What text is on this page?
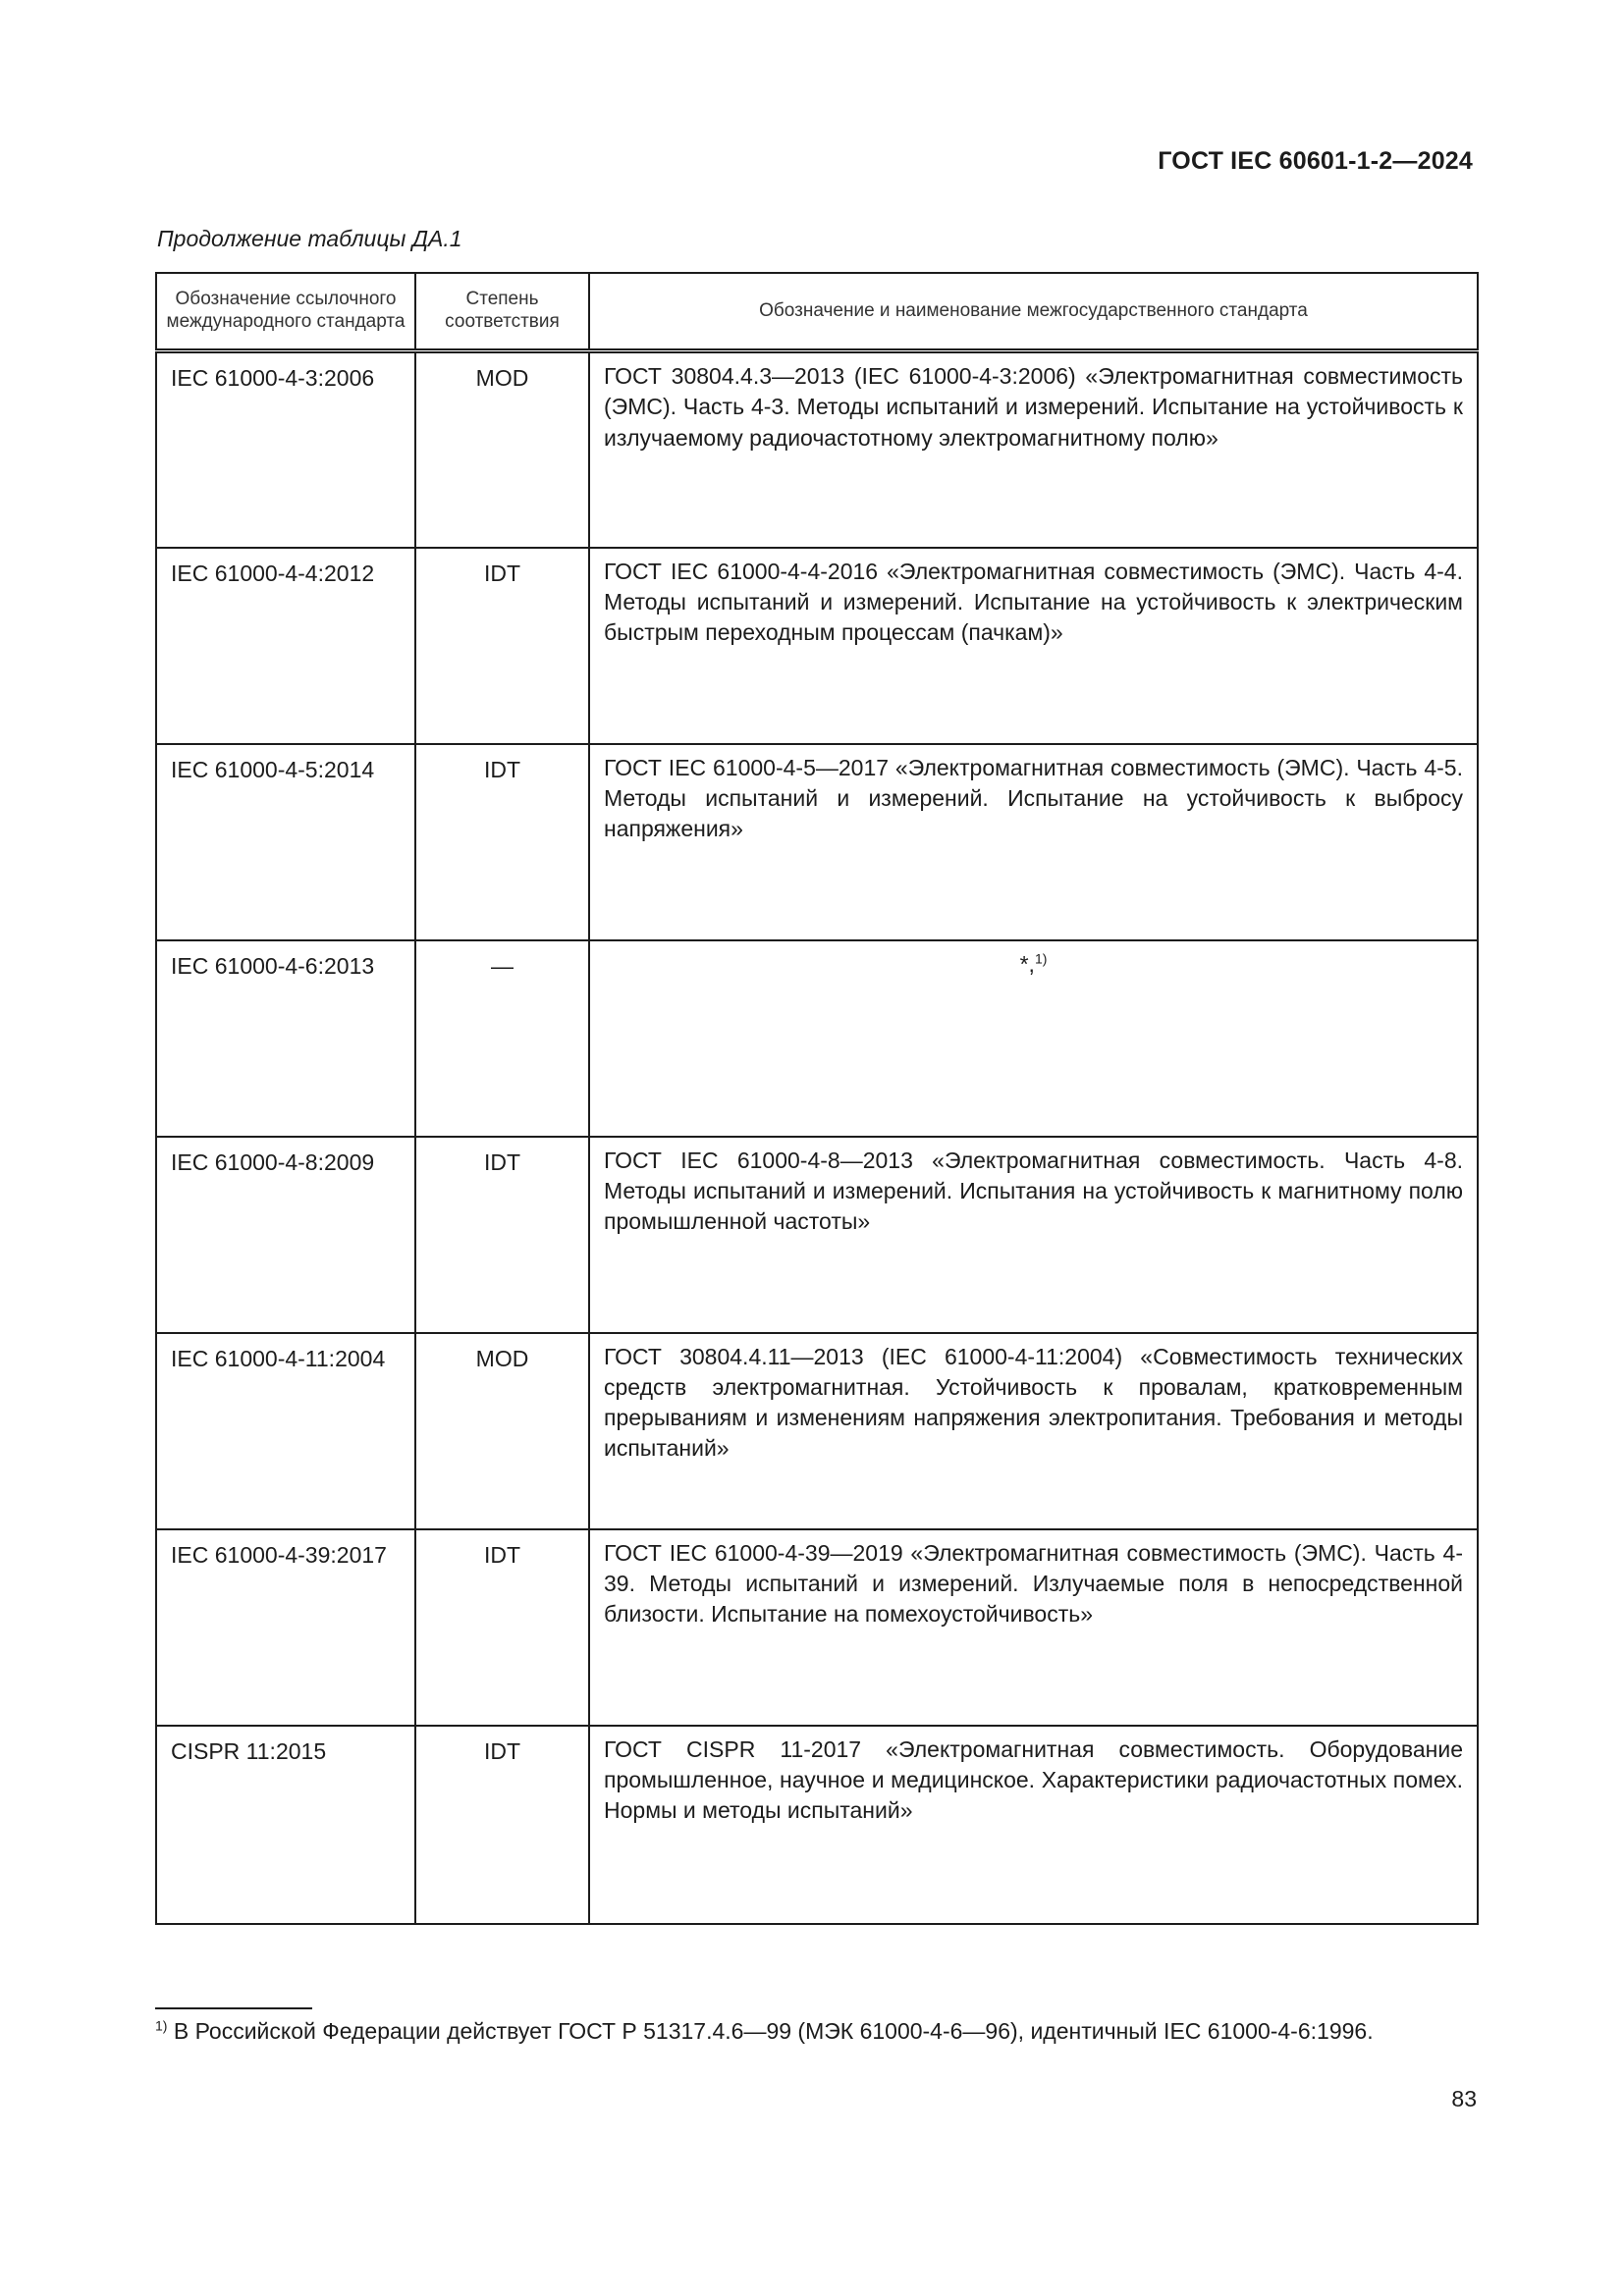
ГОСТ IEC 60601-1-2—2024
Продолжение таблицы ДА.1
Обозначение ссылочного международного стандарта	Степень соответствия	Обозначение и наименование межгосударственного стандарта
IEC 61000-4-3:2006	MOD	ГОСТ 30804.4.3—2013 (IEC 61000-4-3:2006) «Электромагнитная совместимость (ЭМС). Часть 4-3. Методы испытаний и измерений. Испытание на устойчивость к излучаемому радиочастотному электромагнитному полю»
IEC 61000-4-4:2012	IDT	ГОСТ IEC 61000-4-4-2016 «Электромагнитная совместимость (ЭМС). Часть 4-4. Методы испытаний и измерений. Испытание на устойчивость к электрическим быстрым переходным процессам (пачкам)»
IEC 61000-4-5:2014	IDT	ГОСТ IEC 61000-4-5—2017 «Электромагнитная совместимость (ЭМС). Часть 4-5. Методы испытаний и измерений. Испытание на устойчивость к выбросу напряжения»
IEC 61000-4-6:2013	—	*,$^{1)}$
IEC 61000-4-8:2009	IDT	ГОСТ IEC 61000-4-8—2013 «Электромагнитная совместимость. Часть 4-8. Методы испытаний и измерений. Испытания на устойчивость к магнитному полю промышленной частоты»
IEC 61000-4-11:2004	MOD	ГОСТ 30804.4.11—2013 (IEC 61000-4-11:2004) «Совместимость технических средств электромагнитная. Устойчивость к провалам, кратковременным прерываниям и изменениям напряжения электропитания. Требования и методы испытаний»
IEC 61000-4-39:2017	IDT	ГОСТ IEC 61000-4-39—2019 «Электромагнитная совместимость (ЭМС). Часть 4-39. Методы испытаний и измерений. Излучаемые поля в непосредственной близости. Испытание на помехоустойчивость»
CISPR 11:2015	IDT	ГОСТ CISPR 11-2017 «Электромагнитная совместимость. Оборудование промышленное, научное и медицинское. Характеристики радиочастотных помех. Нормы и методы испытаний»
$^{1)}$ В Российской Федерации действует ГОСТ Р 51317.4.6—99 (МЭК 61000-4-6—96), идентичный IEC 61000-4-6:1996.
83
